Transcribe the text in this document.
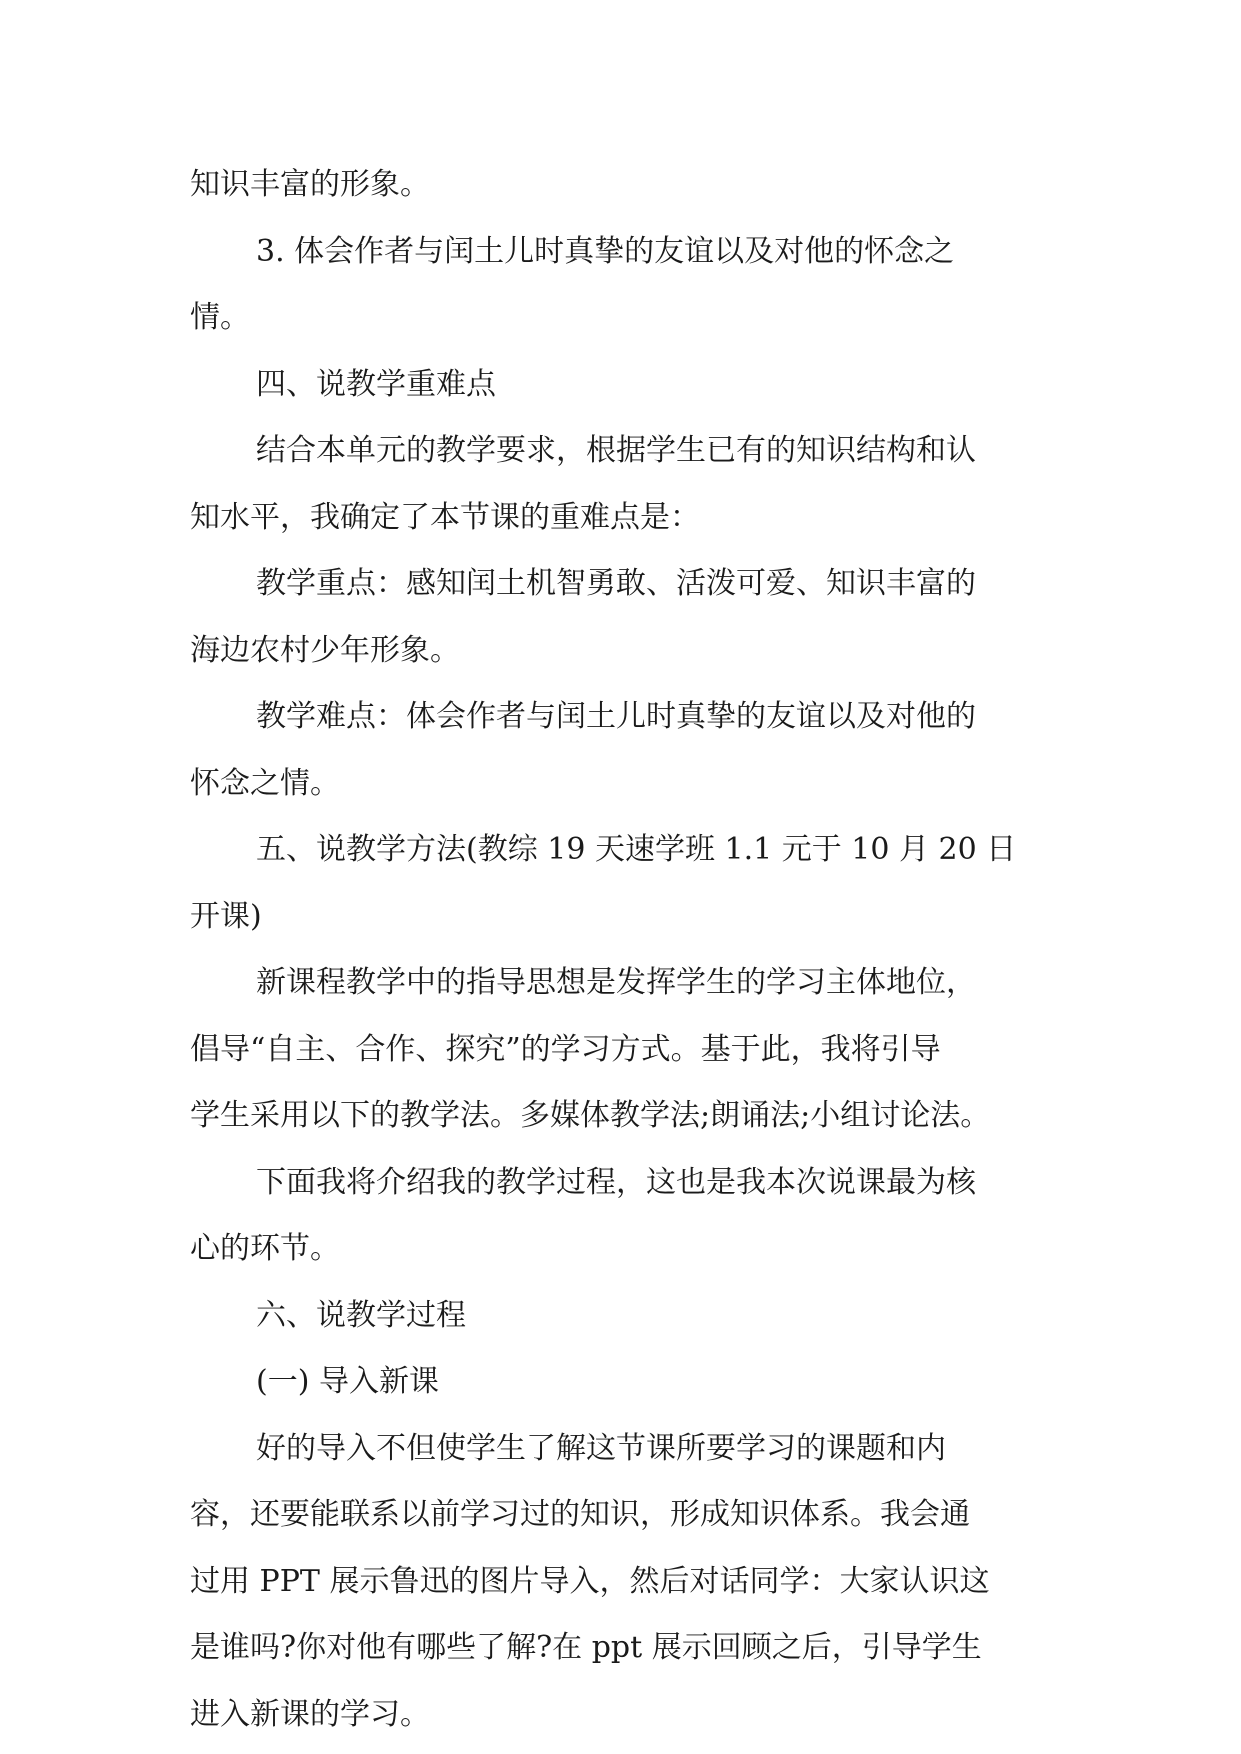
知识丰富的形象。
3. 体会作者与闰土儿时真挚的友谊以及对他的怀念之
情。
四、说教学重难点
结合本单元的教学要求，根据学生已有的知识结构和认
知水平，我确定了本节课的重难点是：
教学重点：感知闰土机智勇敢、活泼可爱、知识丰富的
海边农村少年形象。
教学难点：体会作者与闰土儿时真挚的友谊以及对他的
怀念之情。
五、说教学方法(教综 19 天速学班 1.1 元于 10 月 20 日
开课)
新课程教学中的指导思想是发挥学生的学习主体地位，
倡导“自主、合作、探究”的学习方式。基于此，我将引导
学生采用以下的教学法。多媒体教学法;朗诵法;小组讨论法。
下面我将介绍我的教学过程，这也是我本次说课最为核
心的环节。
六、说教学过程
(一) 导入新课
好的导入不但使学生了解这节课所要学习的课题和内
容，还要能联系以前学习过的知识，形成知识体系。我会通
过用 PPT 展示鲁迅的图片导入，然后对话同学：大家认识这
是谁吗?你对他有哪些了解?在 ppt 展示回顾之后，引导学生
进入新课的学习。
